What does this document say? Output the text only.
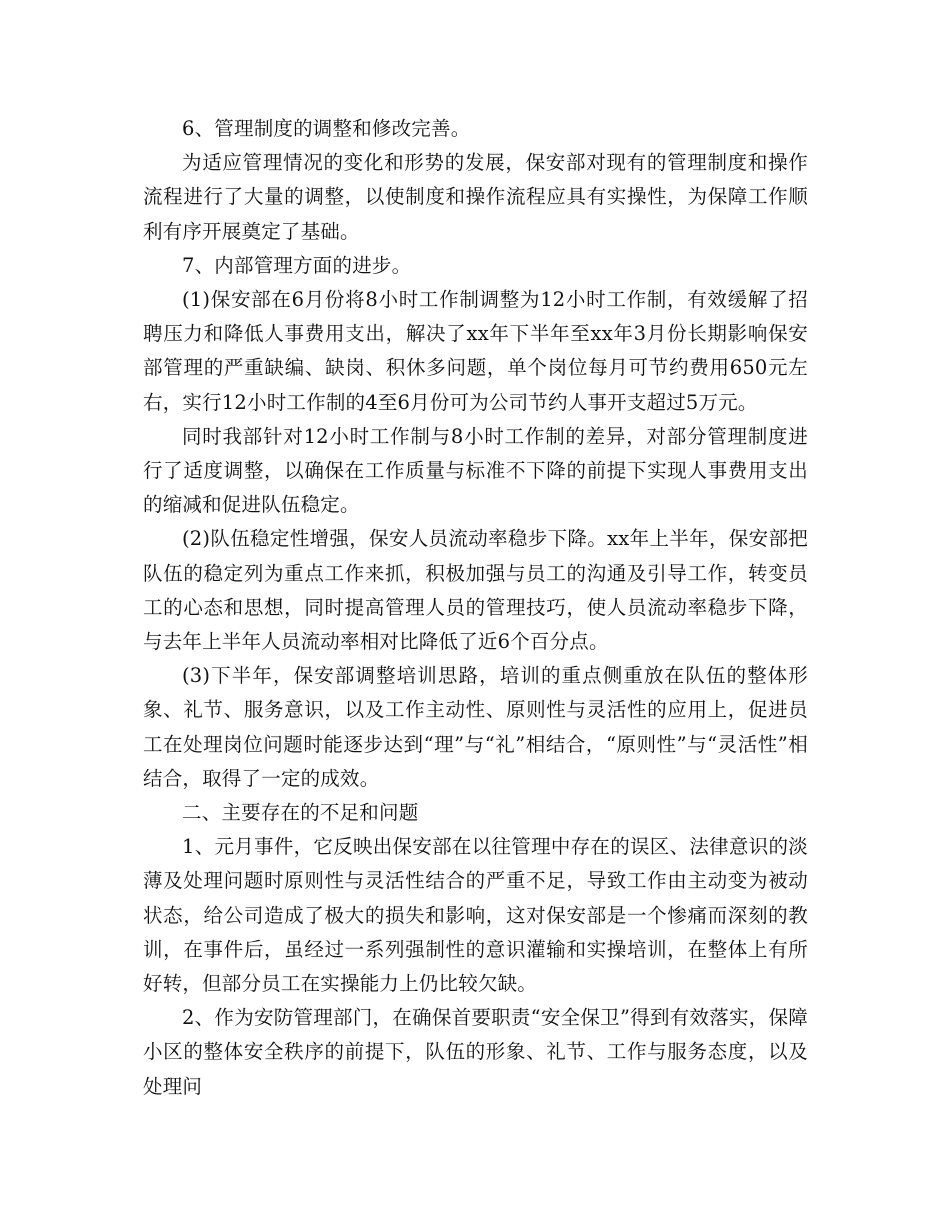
6、管理制度的调整和修改完善。

为适应管理情况的变化和形势的发展，保安部对现有的管理制度和操作流程进行了大量的调整，以使制度和操作流程应具有实操性，为保障工作顺利有序开展奠定了基础。

7、内部管理方面的进步。

(1)保安部在6月份将8小时工作制调整为12小时工作制，有效缓解了招聘压力和降低人事费用支出，解决了xx年下半年至xx年3月份长期影响保安部管理的严重缺编、缺岗、积休多问题，单个岗位每月可节约费用650元左右，实行12小时工作制的4至6月份可为公司节约人事开支超过5万元。

同时我部针对12小时工作制与8小时工作制的差异，对部分管理制度进行了适度调整，以确保在工作质量与标准不下降的前提下实现人事费用支出的缩减和促进队伍稳定。

(2)队伍稳定性增强，保安人员流动率稳步下降。xx年上半年，保安部把队伍的稳定列为重点工作来抓，积极加强与员工的沟通及引导工作，转变员工的心态和思想，同时提高管理人员的管理技巧，使人员流动率稳步下降，与去年上半年人员流动率相对比降低了近6个百分点。

(3)下半年，保安部调整培训思路，培训的重点侧重放在队伍的整体形象、礼节、服务意识，以及工作主动性、原则性与灵活性的应用上，促进员工在处理岗位问题时能逐步达到“理”与“礼”相结合，“原则性”与“灵活性”相结合，取得了一定的成效。

二、主要存在的不足和问题

1、元月事件，它反映出保安部在以往管理中存在的误区、法律意识的淡薄及处理问题时原则性与灵活性结合的严重不足，导致工作由主动变为被动状态，给公司造成了极大的损失和影响，这对保安部是一个惨痛而深刻的教训，在事件后，虽经过一系列强制性的意识灌输和实操培训，在整体上有所好转，但部分员工在实操能力上仍比较欠缺。

2、作为安防管理部门，在确保首要职责“安全保卫”得到有效落实，保障小区的整体安全秩序的前提下，队伍的形象、礼节、工作与服务态度，以及处理问
